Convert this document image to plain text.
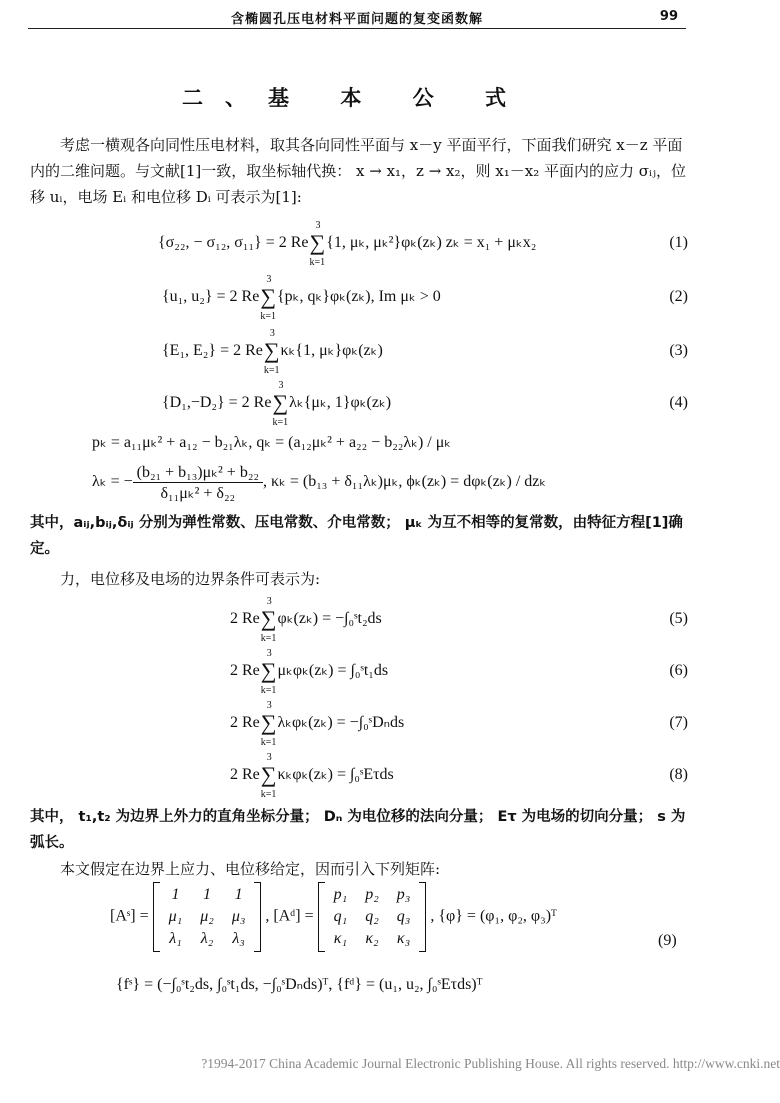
含椭圆孔压电材料平面问题的复变函数解	99
二、基 本 公 式

考虑一横观各向同性压电材料，取其各向同性平面与 x－y 平面平行，下面我们研究 x－z 平面内的二维问题。与文献[1]一致，取坐标轴代换： x → x₁，z → x₂，则 x₁－x₂ 平面内的应力 σᵢⱼ，位移 uᵢ，电场 Eᵢ 和电位移 Dᵢ 可表示为[1]:

{σ₂₂, − σ₁₂, σ₁₁} = 2 Re∑
3
k=1
{1, μₖ, μₖ²}φₖ(zₖ) zₖ = x₁ + μₖx₂	(1)
{u₁, u₂} = 2 Re∑
3
k=1
{pₖ, qₖ}φₖ(zₖ), Im μₖ > 0	(2)
{E₁, E₂} = 2 Re∑
3
k=1
κₖ{1, μₖ}φₖ(zₖ)	(3)
{D₁,−D₂} = 2 Re∑
3
k=1
λₖ{μₖ, 1}φₖ(zₖ)	(4)
pₖ = a₁₁μₖ² + a₁₂ − b₂₁λₖ, qₖ = (a₁₂μₖ² + a₂₂ − b₂₂λₖ) / μₖ
λₖ = − $\frac{\text{(b₂₁ + b₁₃)μₖ² + b₂₂}}{\text{δ₁₁μₖ² + δ₂₂}}$ , κₖ = (b₁₃ + δ₁₁λₖ)μₖ, ϕₖ(zₖ) = dφₖ(zₖ) / dzₖ

其中，aᵢⱼ,bᵢⱼ,δᵢⱼ 分别为弹性常数、压电常数、介电常数； μₖ 为互不相等的复常数，由特征方程[1]确定。

力，电位移及电场的边界条件可表示为:

2 Re∑
3
k=1
φₖ(zₖ) = −∫₀ˢt₂ds	(5)
2 Re∑
3
k=1
μₖφₖ(zₖ) = ∫₀ˢt₁ds	(6)
2 Re∑
3
k=1
λₖφₖ(zₖ) = −∫₀ˢDₙds	(7)
2 Re∑
3
k=1
κₖφₖ(zₖ) = ∫₀ˢEτds	(8)

其中， t₁,t₂ 为边界上外力的直角坐标分量； Dₙ 为电位移的法向分量； Eτ 为电场的切向分量； s 为弧长。

本文假定在边界上应力、电位移给定，因而引入下列矩阵:

[Aˢ] =
1	1	1
μ₁	μ₂	μ₃
λ₁	λ₂	λ₃
, [Aᵈ] =
p₁	p₂	p₃
q₁	q₂	q₃
κ₁	κ₂	κ₃
, {φ} = (φ₁, φ₂, φ₃)ᵀ
(9)
{fˢ} = (−∫₀ˢt₂ds, ∫₀ˢt₁ds, −∫₀ˢDₙds)ᵀ, {fᵈ} = (u₁, u₂, ∫₀ˢEτds)ᵀ
?1994-2017 China Academic Journal Electronic Publishing House. All rights reserved. http://www.cnki.net
